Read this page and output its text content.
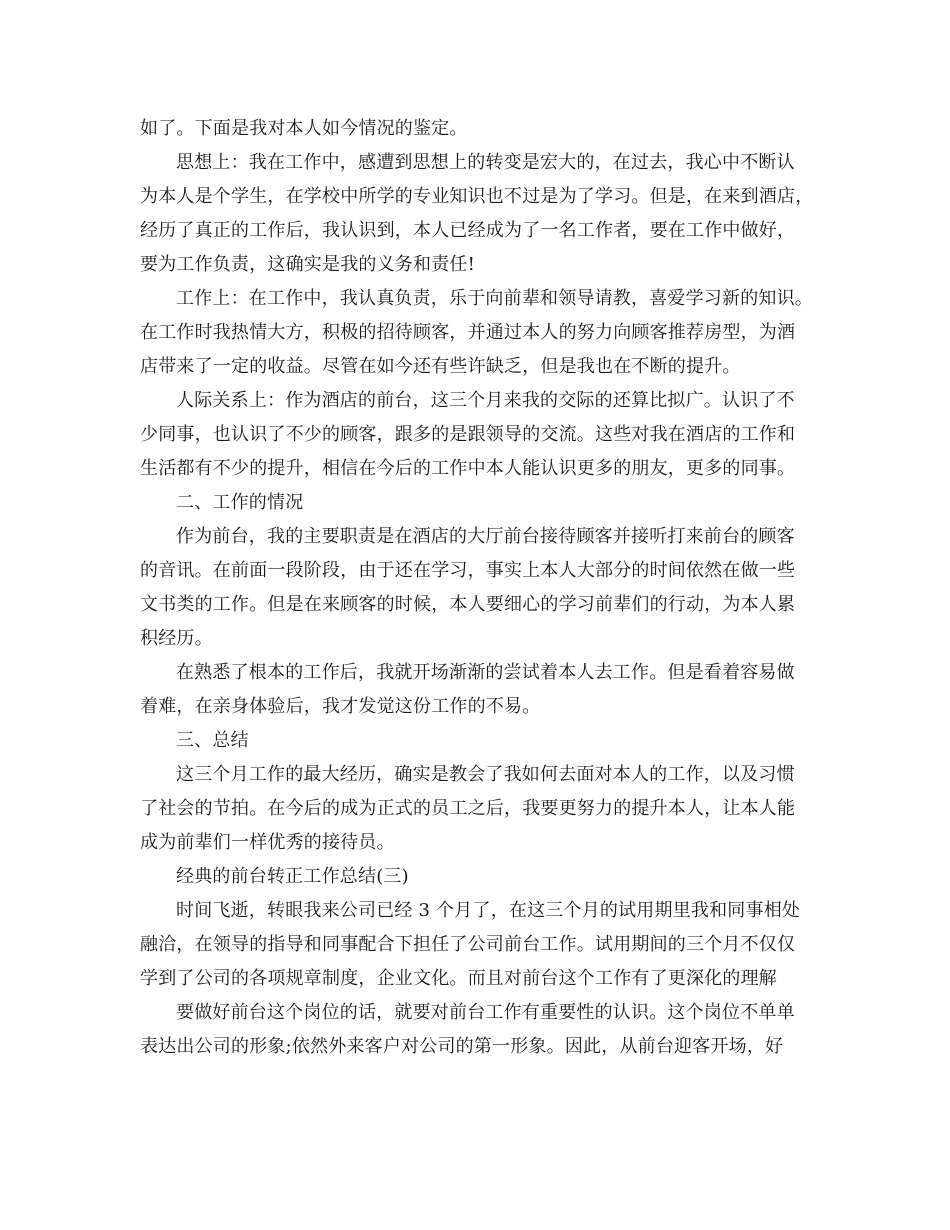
如了。下面是我对本人如今情况的鉴定。
思想上：我在工作中，感遭到思想上的转变是宏大的，在过去，我心中不断认
为本人是个学生，在学校中所学的专业知识也不过是为了学习。但是，在来到酒店，
经历了真正的工作后，我认识到，本人已经成为了一名工作者，要在工作中做好，
要为工作负责，这确实是我的义务和责任!
工作上：在工作中，我认真负责，乐于向前辈和领导请教，喜爱学习新的知识。
在工作时我热情大方，积极的招待顾客，并通过本人的努力向顾客推荐房型，为酒
店带来了一定的收益。尽管在如今还有些许缺乏，但是我也在不断的提升。
人际关系上：作为酒店的前台，这三个月来我的交际的还算比拟广。认识了不
少同事，也认识了不少的顾客，跟多的是跟领导的交流。这些对我在酒店的工作和
生活都有不少的提升，相信在今后的工作中本人能认识更多的朋友，更多的同事。
二、工作的情况
作为前台，我的主要职责是在酒店的大厅前台接待顾客并接听打来前台的顾客
的音讯。在前面一段阶段，由于还在学习，事实上本人大部分的时间依然在做一些
文书类的工作。但是在来顾客的时候，本人要细心的学习前辈们的行动，为本人累
积经历。
在熟悉了根本的工作后，我就开场渐渐的尝试着本人去工作。但是看着容易做
着难，在亲身体验后，我才发觉这份工作的不易。
三、总结
这三个月工作的最大经历，确实是教会了我如何去面对本人的工作，以及习惯
了社会的节拍。在今后的成为正式的员工之后，我要更努力的提升本人，让本人能
成为前辈们一样优秀的接待员。
经典的前台转正工作总结(三)
时间飞逝，转眼我来公司已经 3 个月了，在这三个月的试用期里我和同事相处
融洽，在领导的指导和同事配合下担任了公司前台工作。试用期间的三个月不仅仅
学到了公司的各项规章制度，企业文化。而且对前台这个工作有了更深化的理解
要做好前台这个岗位的话，就要对前台工作有重要性的认识。这个岗位不单单
表达出公司的形象;依然外来客户对公司的第一形象。因此，从前台迎客开场，好
